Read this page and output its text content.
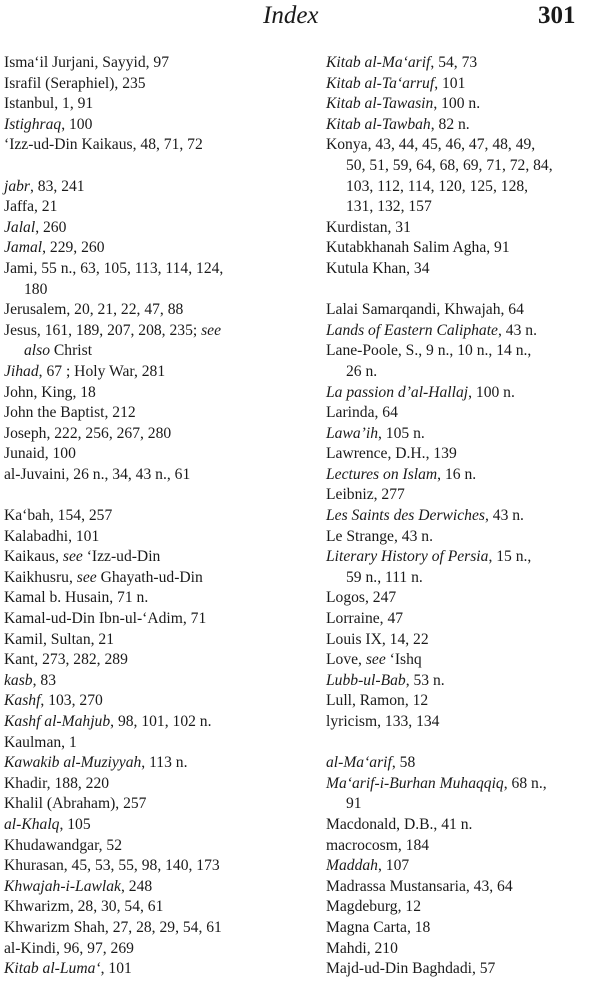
Index	301
Isma‘il Jurjani, Sayyid, 97
Israfil (Seraphiel), 235
Istanbul, 1, 91
Istighraq, 100
‘Izz-ud-Din Kaikaus, 48, 71, 72
jabr, 83, 241
Jaffa, 21
Jalal, 260
Jamal, 229, 260
Jami, 55 n., 63, 105, 113, 114, 124,
180
Jerusalem, 20, 21, 22, 47, 88
Jesus, 161, 189, 207, 208, 235; see
also Christ
Jihad, 67 ; Holy War, 281
John, King, 18
John the Baptist, 212
Joseph, 222, 256, 267, 280
Junaid, 100
al-Juvaini, 26 n., 34, 43 n., 61
Ka‘bah, 154, 257
Kalabadhi, 101
Kaikaus, see ‘Izz-ud-Din
Kaikhusru, see Ghayath-ud-Din
Kamal b. Husain, 71 n.
Kamal-ud-Din Ibn-ul-‘Adim, 71
Kamil, Sultan, 21
Kant, 273, 282, 289
kasb, 83
Kashf, 103, 270
Kashf al-Mahjub, 98, 101, 102 n.
Kaulman, 1
Kawakib al-Muziyyah, 113 n.
Khadir, 188, 220
Khalil (Abraham), 257
al-Khalq, 105
Khudawandgar, 52
Khurasan, 45, 53, 55, 98, 140, 173
Khwajah-i-Lawlak, 248
Khwarizm, 28, 30, 54, 61
Khwarizm Shah, 27, 28, 29, 54, 61
al-Kindi, 96, 97, 269
Kitab al-Luma‘, 101
Kitab al-Ma‘arif, 54, 73
Kitab al-Ta‘arruf, 101
Kitab al-Tawasin, 100 n.
Kitab al-Tawbah, 82 n.
Konya, 43, 44, 45, 46, 47, 48, 49,
50, 51, 59, 64, 68, 69, 71, 72, 84,
103, 112, 114, 120, 125, 128,
131, 132, 157
Kurdistan, 31
Kutabkhanah Salim Agha, 91
Kutula Khan, 34
Lalai Samarqandi, Khwajah, 64
Lands of Eastern Caliphate, 43 n.
Lane-Poole, S., 9 n., 10 n., 14 n.,
26 n.
La passion d’al-Hallaj, 100 n.
Larinda, 64
Lawa’ih, 105 n.
Lawrence, D.H., 139
Lectures on Islam, 16 n.
Leibniz, 277
Les Saints des Derwiches, 43 n.
Le Strange, 43 n.
Literary History of Persia, 15 n.,
59 n., 111 n.
Logos, 247
Lorraine, 47
Louis IX, 14, 22
Love, see ‘Ishq
Lubb-ul-Bab, 53 n.
Lull, Ramon, 12
lyricism, 133, 134
al-Ma‘arif, 58
Ma‘arif-i-Burhan Muhaqqiq, 68 n.,
91
Macdonald, D.B., 41 n.
macrocosm, 184
Maddah, 107
Madrassa Mustansaria, 43, 64
Magdeburg, 12
Magna Carta, 18
Mahdi, 210
Majd-ud-Din Baghdadi, 57
